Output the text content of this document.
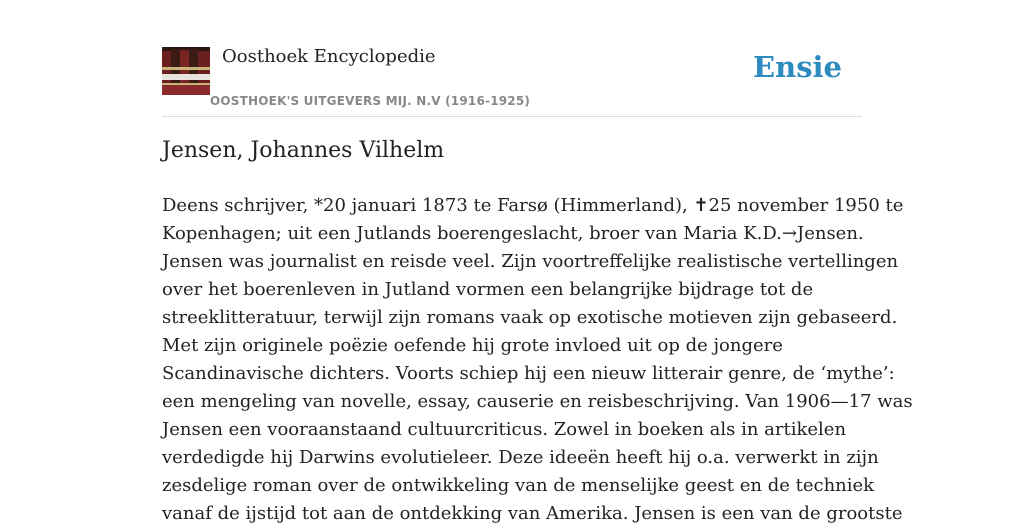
Oosthoek Encyclopedie
OOSTHOEK'S UITGEVERS MIJ. N.V (1916-1925)
Ensie
Jensen, Johannes Vilhelm

Deens schrijver, *20 januari 1873 te Farsø (Himmerland), ✝25 november 1950 te
Kopenhagen; uit een Jutlands boerengeslacht, broer van Maria K.D.→Jensen.
Jensen was journalist en reisde veel. Zijn voortreffelijke realistische vertellingen
over het boerenleven in Jutland vormen een belangrijke bijdrage tot de
streeklitteratuur, terwijl zijn romans vaak op exotische motieven zijn gebaseerd.
Met zijn originele poëzie oefende hij grote invloed uit op de jongere
Scandinavische dichters. Voorts schiep hij een nieuw litterair genre, de ‘mythe’:
een mengeling van novelle, essay, causerie en reisbeschrijving. Van 1906—17 was
Jensen een vooraanstaand cultuurcriticus. Zowel in boeken als in artikelen
verdedigde hij Darwins evolutieleer. Deze ideeën heeft hij o.a. verwerkt in zijn
zesdelige roman over de ontwikkeling van de menselijke geest en de techniek
vanaf de ijstijd tot aan de ontdekking van Amerika. Jensen is een van de grootste
